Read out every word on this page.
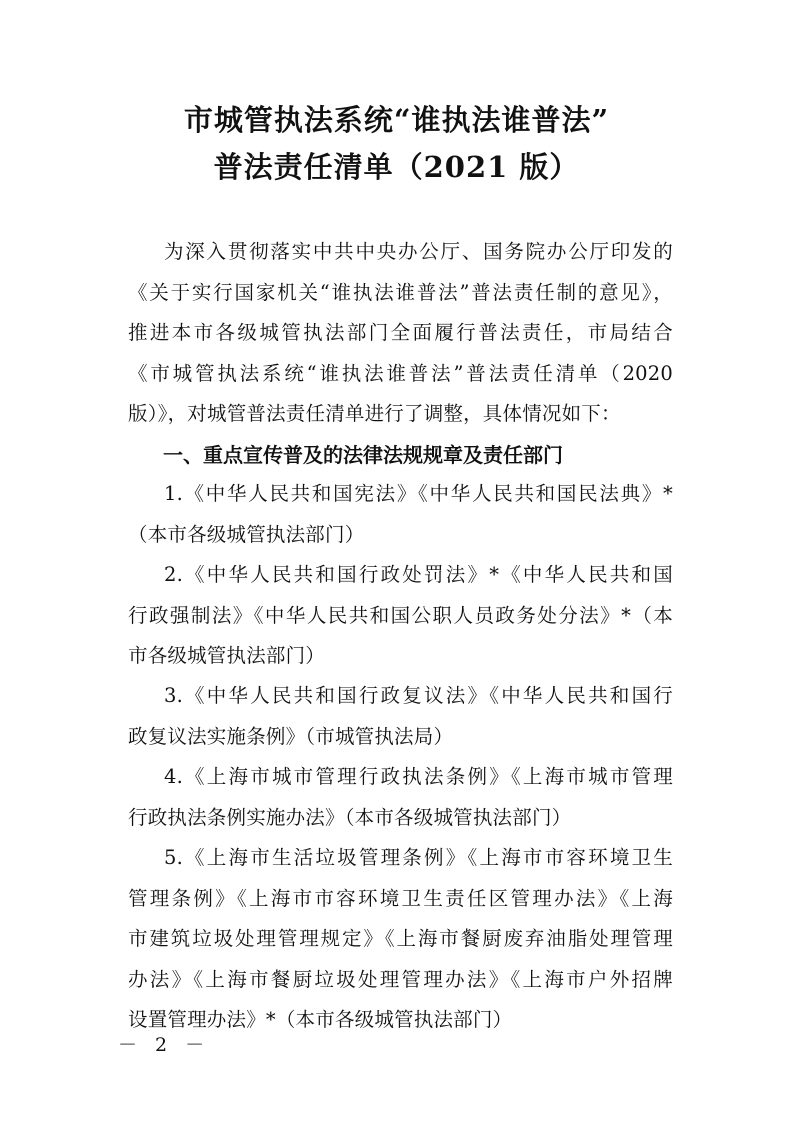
市城管执法系统“谁执法谁普法”
普法责任清单（2021 版）

为深入贯彻落实中共中央办公厅、国务院办公厅印发的

《关于实行国家机关“谁执法谁普法”普法责任制的意见》，

推进本市各级城管执法部门全面履行普法责任，市局结合

《市城管执法系统“谁执法谁普法”普法责任清单（2020

版）》，对城管普法责任清单进行了调整，具体情况如下：

一、重点宣传普及的法律法规规章及责任部门

1.《中华人民共和国宪法》《中华人民共和国民法典》*

（本市各级城管执法部门）

2.《中华人民共和国行政处罚法》*《中华人民共和国

行政强制法》《中华人民共和国公职人员政务处分法》*（本

市各级城管执法部门）

3.《中华人民共和国行政复议法》《中华人民共和国行

政复议法实施条例》（市城管执法局）

4.《上海市城市管理行政执法条例》《上海市城市管理

行政执法条例实施办法》（本市各级城管执法部门）

5.《上海市生活垃圾管理条例》《上海市市容环境卫生

管理条例》《上海市市容环境卫生责任区管理办法》《上海

市建筑垃圾处理管理规定》《上海市餐厨废弃油脂处理管理

办法》《上海市餐厨垃圾处理管理办法》《上海市户外招牌

设置管理办法》*（本市各级城管执法部门）

－ 2 －
